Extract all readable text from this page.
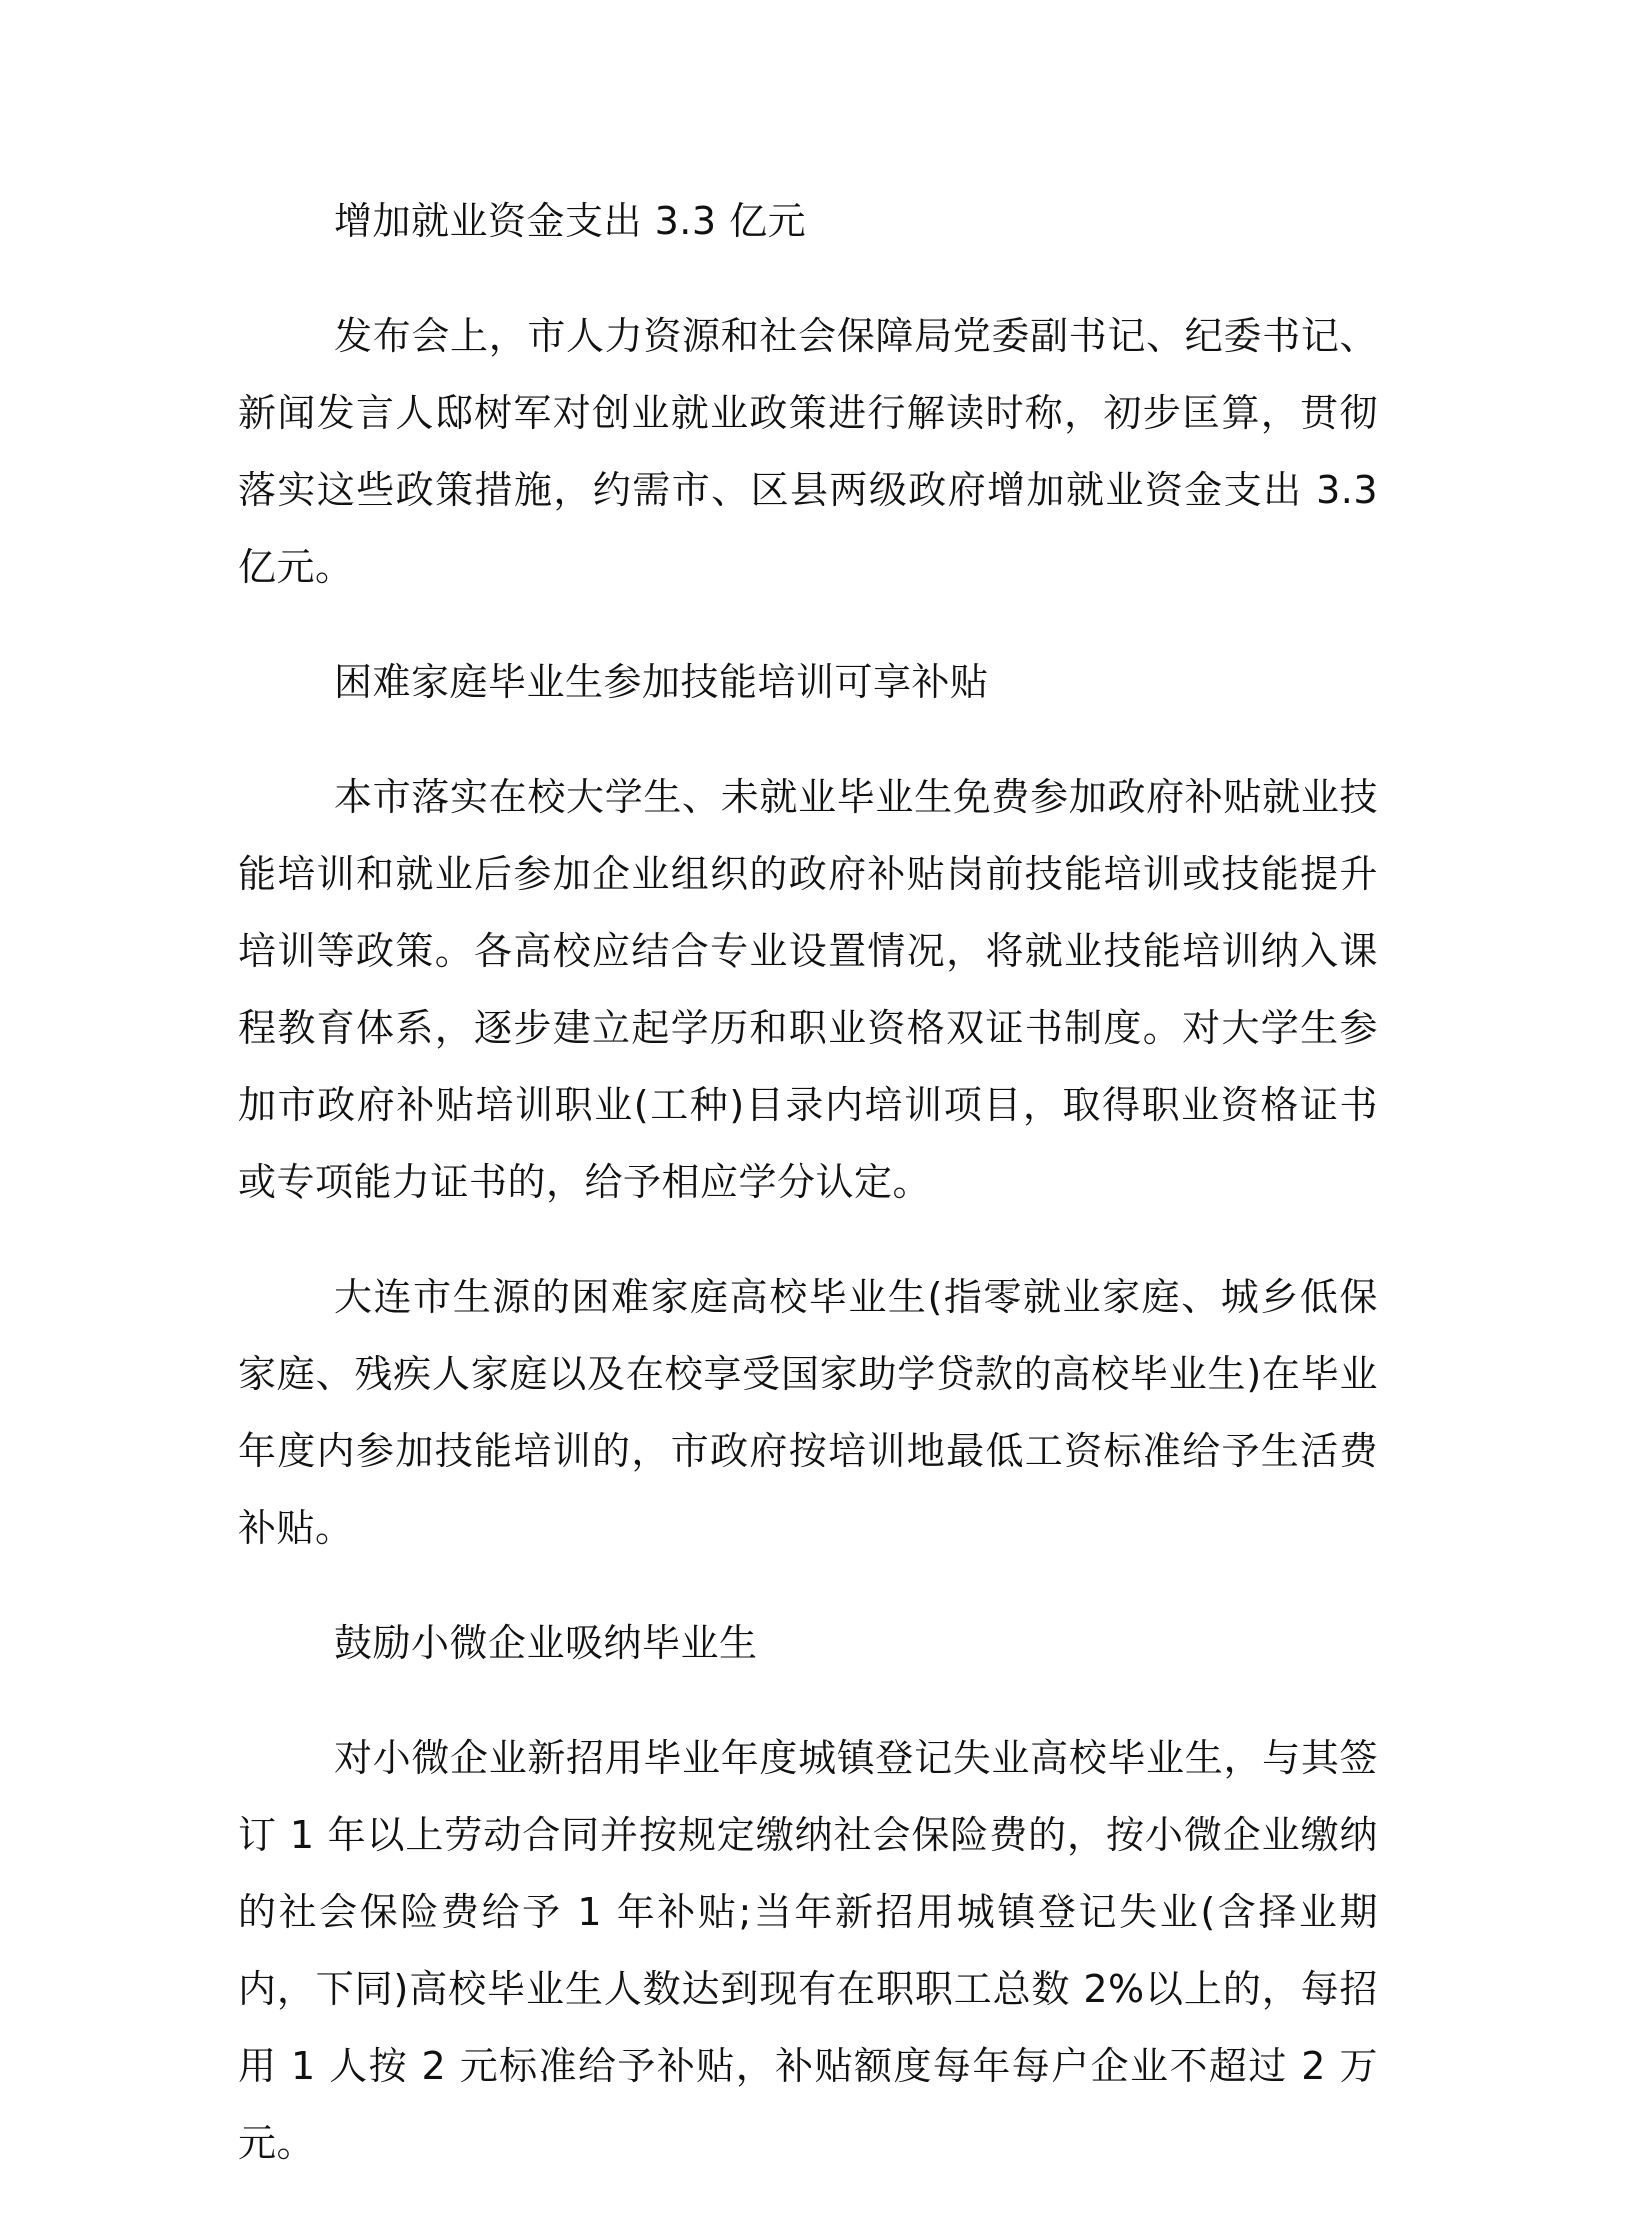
增加就业资金支出 3.3 亿元

发布会上，市人力资源和社会保障局党委副书记、纪委书记、新闻发言人邸树军对创业就业政策进行解读时称，初步匡算，贯彻落实这些政策措施，约需市、区县两级政府增加就业资金支出 3.3 亿元。

困难家庭毕业生参加技能培训可享补贴

本市落实在校大学生、未就业毕业生免费参加政府补贴就业技能培训和就业后参加企业组织的政府补贴岗前技能培训或技能提升培训等政策。各高校应结合专业设置情况，将就业技能培训纳入课程教育体系，逐步建立起学历和职业资格双证书制度。对大学生参加市政府补贴培训职业(工种)目录内培训项目，取得职业资格证书或专项能力证书的，给予相应学分认定。

大连市生源的困难家庭高校毕业生(指零就业家庭、城乡低保家庭、残疾人家庭以及在校享受国家助学贷款的高校毕业生)在毕业年度内参加技能培训的，市政府按培训地最低工资标准给予生活费补贴。

鼓励小微企业吸纳毕业生

对小微企业新招用毕业年度城镇登记失业高校毕业生，与其签订 1 年以上劳动合同并按规定缴纳社会保险费的，按小微企业缴纳的社会保险费给予 1 年补贴;当年新招用城镇登记失业(含择业期内，下同)高校毕业生人数达到现有在职职工总数 2%以上的，每招用 1 人按 2 元标准给予补贴，补贴额度每年每户企业不超过 2 万元。
